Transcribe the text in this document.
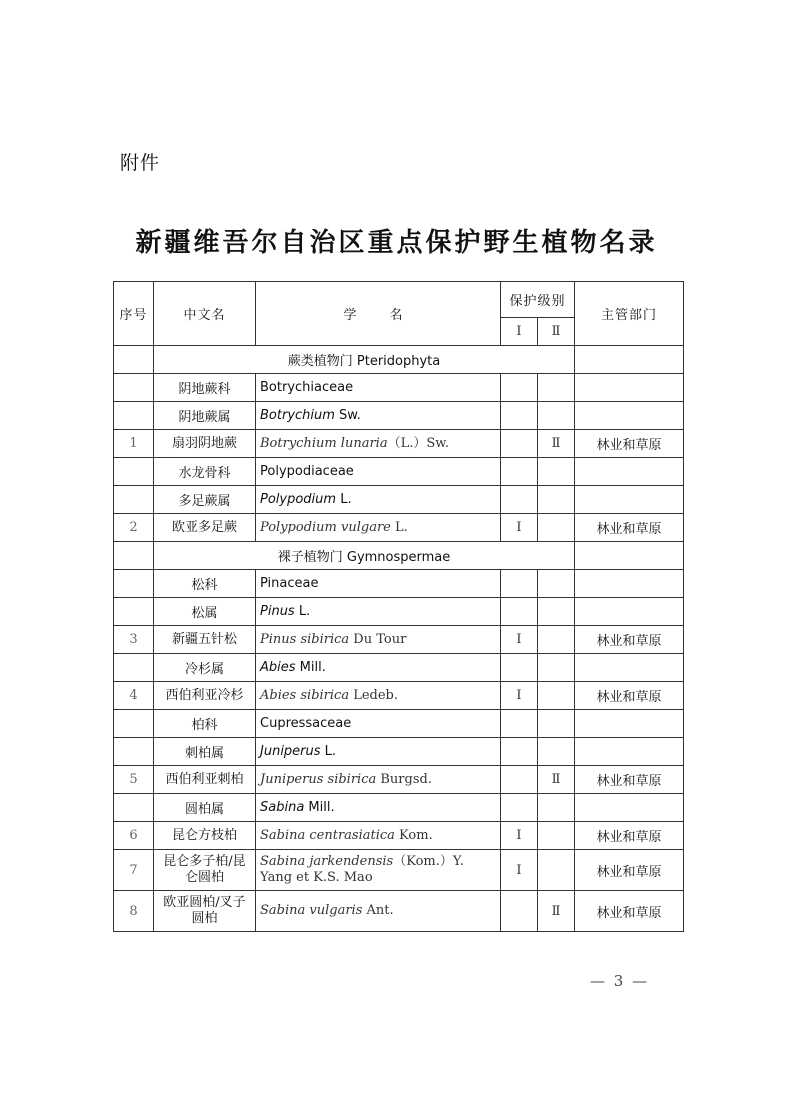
附件
新疆维吾尔自治区重点保护野生植物名录
序号	中文名	学　名	保护级别		主管部门
			Ⅰ	Ⅱ	
	蕨类植物门 Pteridophyta				
	阴地蕨科	Botrychiaceae			
	阴地蕨属	Botrychium Sw.			
1	扇羽阴地蕨	Botrychium lunaria（L.）Sw.		Ⅱ	林业和草原
	水龙骨科	Polypodiaceae			
	多足蕨属	Polypodium L.			
2	欧亚多足蕨	Polypodium vulgare L.	Ⅰ		林业和草原
	裸子植物门 Gymnospermae				
	松科	Pinaceae			
	松属	Pinus L.			
3	新疆五针松	Pinus sibirica Du Tour	Ⅰ		林业和草原
	冷杉属	Abies Mill.			
4	西伯利亚冷杉	Abies sibirica Ledeb.	Ⅰ		林业和草原
	柏科	Cupressaceae			
	刺柏属	Juniperus L.			
5	西伯利亚刺柏	Juniperus sibirica Burgsd.		Ⅱ	林业和草原
	圆柏属	Sabina Mill.			
6	昆仑方枝柏	Sabina centrasiatica Kom.	Ⅰ		林业和草原
7	昆仑多子柏/昆仑圆柏	Sabina jarkendensis（Kom.）Y. Yang et K.S. Mao	Ⅰ		林业和草原
8	欧亚圆柏/叉子圆柏	Sabina vulgaris Ant.		Ⅱ	林业和草原
— 3 —
